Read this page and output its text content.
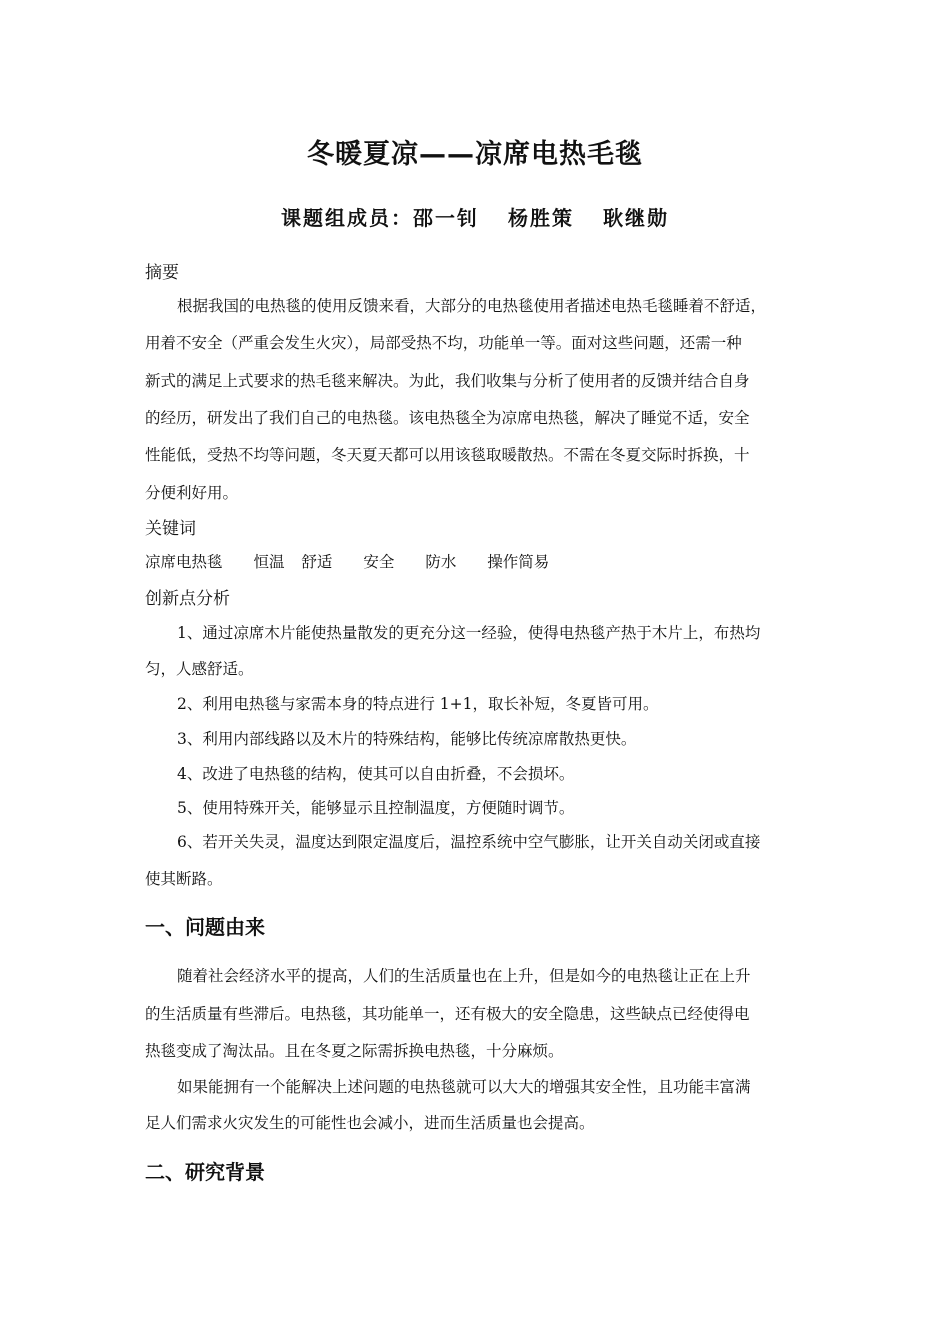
冬暖夏凉——凉席电热毛毯
课题组成员：邵一钊 杨胜策 耿继勋
摘要
根据我国的电热毯的使用反馈来看，大部分的电热毯使用者描述电热毛毯睡着不舒适，
用着不安全（严重会发生火灾），局部受热不均，功能单一等。面对这些问题，还需一种
新式的满足上式要求的热毛毯来解决。为此，我们收集与分析了使用者的反馈并结合自身
的经历，研发出了我们自己的电热毯。该电热毯全为凉席电热毯，解决了睡觉不适，安全
性能低，受热不均等问题，冬天夏天都可以用该毯取暖散热。不需在冬夏交际时拆换，十
分便利好用。
关键词
凉席电热毯 恒温 舒适 安全 防水 操作简易
创新点分析
1、通过凉席木片能使热量散发的更充分这一经验，使得电热毯产热于木片上，布热均
匀，人感舒适。
2、利用电热毯与家需本身的特点进行 1+1，取长补短，冬夏皆可用。
3、利用内部线路以及木片的特殊结构，能够比传统凉席散热更快。
4、改进了电热毯的结构，使其可以自由折叠，不会损坏。
5、使用特殊开关，能够显示且控制温度，方便随时调节。
6、若开关失灵，温度达到限定温度后，温控系统中空气膨胀，让开关自动关闭或直接
使其断路。
一、问题由来
随着社会经济水平的提高，人们的生活质量也在上升，但是如今的电热毯让正在上升
的生活质量有些滞后。电热毯，其功能单一，还有极大的安全隐患，这些缺点已经使得电
热毯变成了淘汰品。且在冬夏之际需拆换电热毯，十分麻烦。
如果能拥有一个能解决上述问题的电热毯就可以大大的增强其安全性，且功能丰富满
足人们需求火灾发生的可能性也会减小，进而生活质量也会提高。
二、研究背景
